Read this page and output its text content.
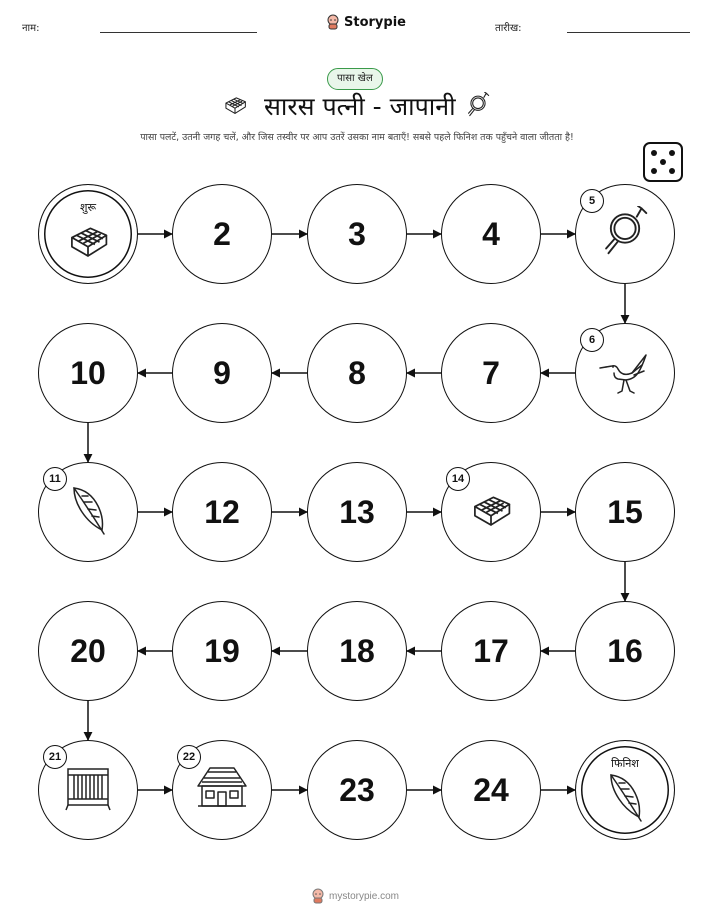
नाम:	Storypie	तारीख:
पासा खेल
सारस पत्नी - जापानी
पासा पलटें, उतनी जगह चलें, और जिस तस्वीर पर आप उतरें उसका नाम बताएँ! सबसे पहले फिनिश तक पहुँचने वाला जीतता है!
शुरू
2	3	4
5
6
7
8
9
10
11
12	13
14
15
16
17
18
19
20
21	22
23	24
फिनिश
mystorypie.com
